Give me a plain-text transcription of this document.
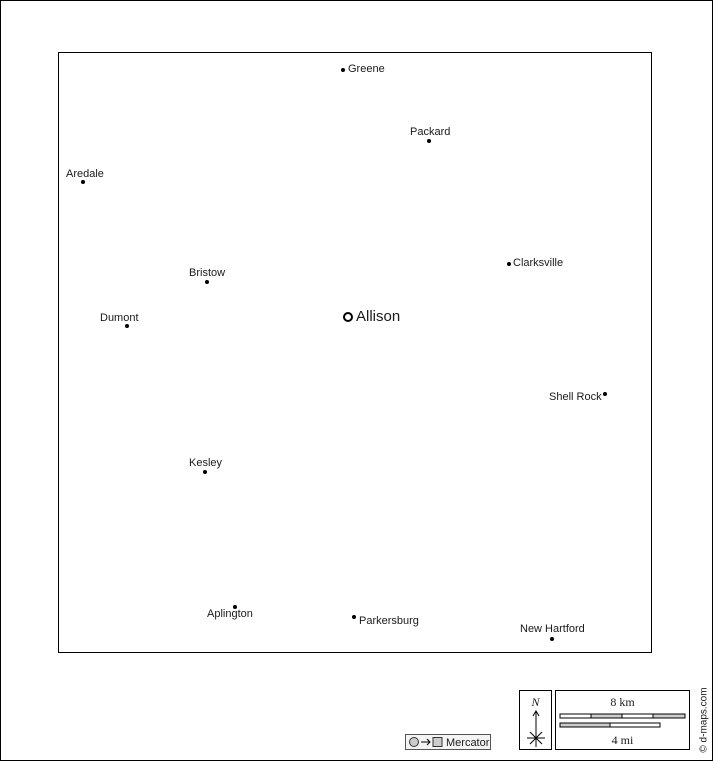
Allison
Greene
Packard
Aredale
Clarksville
Bristow
Dumont
Shell Rock
Kesley
Aplington
Parkersburg
New Hartford
N	8 km
4 mi
Mercator	© d-maps.com
